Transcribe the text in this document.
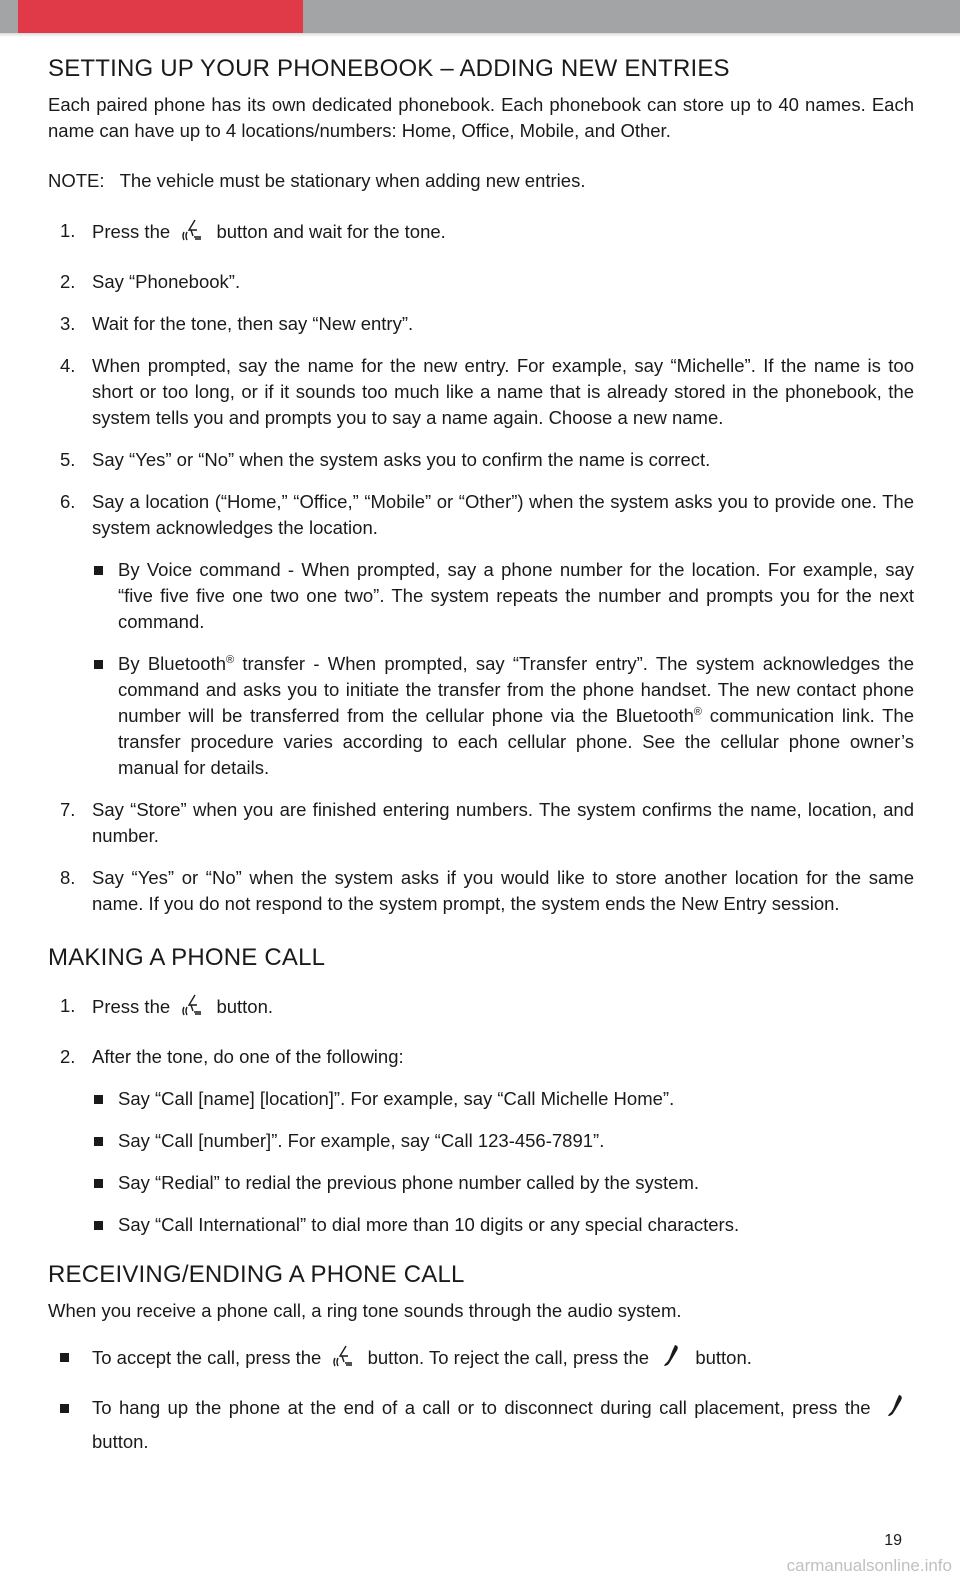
SETTING UP YOUR PHONEBOOK – ADDING NEW ENTRIES

Each paired phone has its own dedicated phonebook. Each phonebook can store up to 40 names. Each name can have up to 4 locations/numbers: Home, Office, Mobile, and Other.

NOTE: The vehicle must be stationary when adding new entries.

1. Press the	button and wait for the tone.
2. Say “Phonebook”.
3. Wait for the tone, then say “New entry”.
4. When prompted, say the name for the new entry. For example, say “Michelle”. If the name is too short or too long, or if it sounds too much like a name that is already stored in the phonebook, the system tells you and prompts you to say a name again. Choose a new name.
5. Say “Yes” or “No” when the system asks you to confirm the name is correct.
6. Say a location (“Home,” “Office,” “Mobile” or “Other”) when the system asks you to provide one. The system acknowledges the location.
By Voice command - When prompted, say a phone number for the location. For example, say “five five five one two one two”. The system repeats the number and prompts you for the next command.
By Bluetooth® transfer - When prompted, say “Transfer entry”. The system acknowledges the command and asks you to initiate the transfer from the phone handset. The new contact phone number will be transferred from the cellular phone via the Bluetooth® communication link. The transfer procedure varies according to each cellular phone. See the cellular phone owner’s manual for details.
7. Say “Store” when you are finished entering numbers. The system confirms the name, location, and number.
8. Say “Yes” or “No” when the system asks if you would like to store another location for the same name. If you do not respond to the system prompt, the system ends the New Entry session.
MAKING A PHONE CALL
1. Press the	button.
2. After the tone, do one of the following:
Say “Call [name] [location]”. For example, say “Call Michelle Home”.
Say “Call [number]”. For example, say “Call 123-456-7891”.
Say “Redial” to redial the previous phone number called by the system.
Say “Call International” to dial more than 10 digits or any special characters.
RECEIVING/ENDING A PHONE CALL

When you receive a phone call, a ring tone sounds through the audio system.

To accept the call, press the	button. To reject the call, press the	button.
To hang up the phone at the end of a call or to disconnect during call placement, press the
button.
19
carmanualsonline.info
